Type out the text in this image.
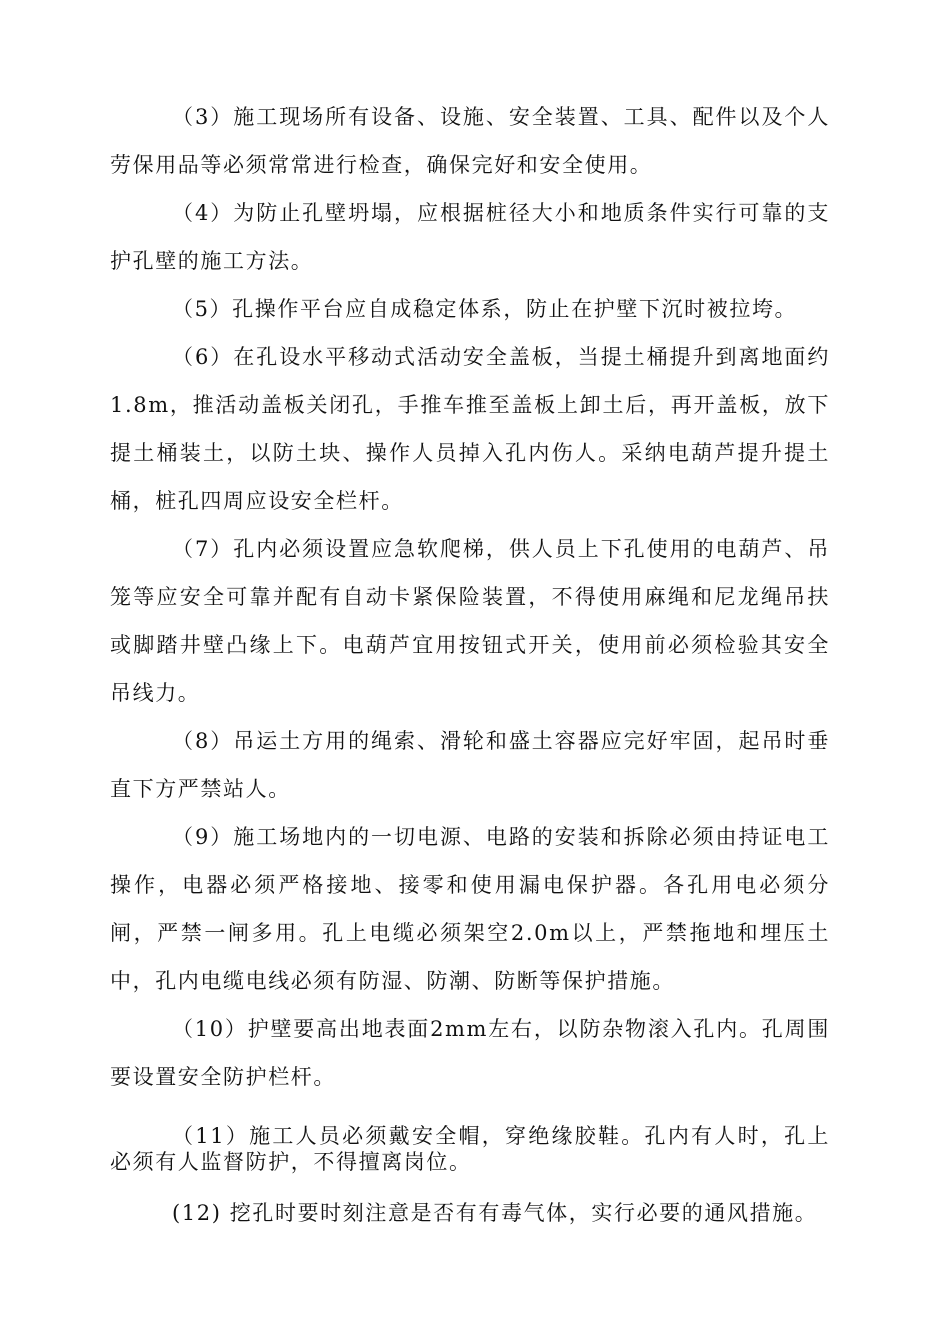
（3）施工现场所有设备、设施、安全装置、工具、配件以及个人劳保用品等必须常常进行检查，确保完好和安全使用。

（4）为防止孔壁坍塌，应根据桩径大小和地质条件实行可靠的支护孔壁的施工方法。

（5）孔操作平台应自成稳定体系，防止在护壁下沉时被拉垮。

（6）在孔设水平移动式活动安全盖板，当提土桶提升到离地面约1.8m，推活动盖板关闭孔，手推车推至盖板上卸土后，再开盖板，放下提土桶装土，以防土块、操作人员掉入孔内伤人。采纳电葫芦提升提土桶，桩孔四周应设安全栏杆。

（7）孔内必须设置应急软爬梯，供人员上下孔使用的电葫芦、吊笼等应安全可靠并配有自动卡紧保险装置，不得使用麻绳和尼龙绳吊扶或脚踏井壁凸缘上下。电葫芦宜用按钮式开关，使用前必须检验其安全吊线力。

（8）吊运土方用的绳索、滑轮和盛土容器应完好牢固，起吊时垂直下方严禁站人。

（9）施工场地内的一切电源、电路的安装和拆除必须由持证电工操作，电器必须严格接地、接零和使用漏电保护器。各孔用电必须分闸，严禁一闸多用。孔上电缆必须架空2.0m以上，严禁拖地和埋压土中，孔内电缆电线必须有防湿、防潮、防断等保护措施。

（10）护壁要高出地表面2mm左右，以防杂物滚入孔内。孔周围要设置安全防护栏杆。

（11）施工人员必须戴安全帽，穿绝缘胶鞋。孔内有人时，孔上必须有人监督防护，不得擅离岗位。

(12) 挖孔时要时刻注意是否有有毒气体，实行必要的通风措施。
